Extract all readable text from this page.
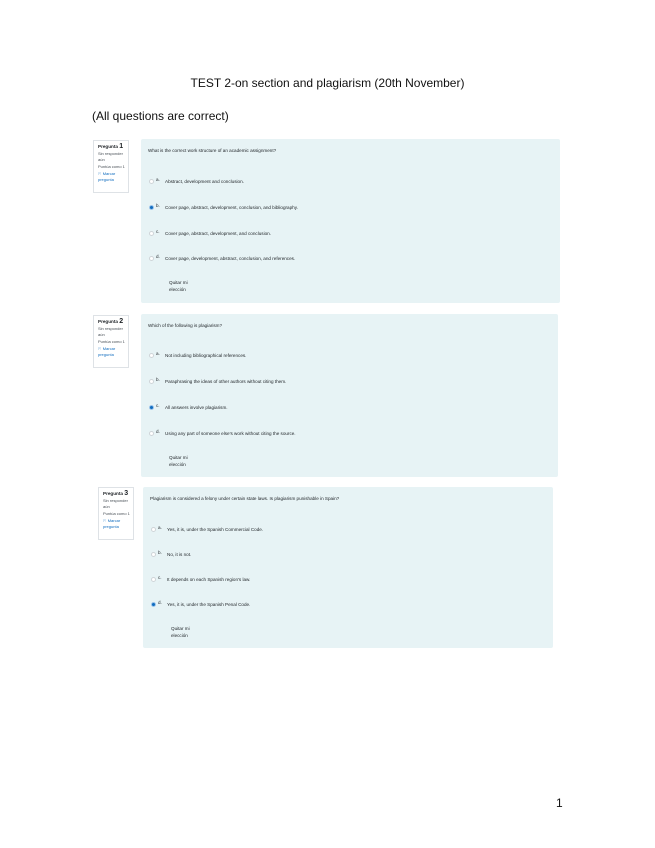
TEST 2-on section and plagiarism (20th November)
(All questions are correct)
Pregunta 1
Sin responder aún
Puntúa como 1
⚐ Marcar pregunta
What is the correct work structure of an academic assignment?
a.	Abstract, development and conclusion.
b.	Cover page, abstract, development, conclusion, and bibliography.
c.	Cover page, abstract, development, and conclusion.
d.	Cover page, development, abstract, conclusion, and references.
Quitar mi elección
Pregunta 2
Sin responder aún
Puntúa como 1
⚐ Marcar pregunta
Which of the following is plagiarism?
a.	Not including bibliographical references.
b.	Paraphrasing the ideas of other authors without citing them.
c.	All answers involve plagiarism.
d.	Using any part of someone else's work without citing the source.
Quitar mi elección
Pregunta 3
Sin responder aún
Puntúa como 1
⚐ Marcar pregunta
Plagiarism is considered a felony under certain state laws. Is plagiarism punishable in Spain?
a.	Yes, it is, under the Spanish Commercial Code.
b.	No, it is not.
c.	It depends on each Spanish region's law.
d.	Yes, it is, under the Spanish Penal Code.
Quitar mi elección
1
